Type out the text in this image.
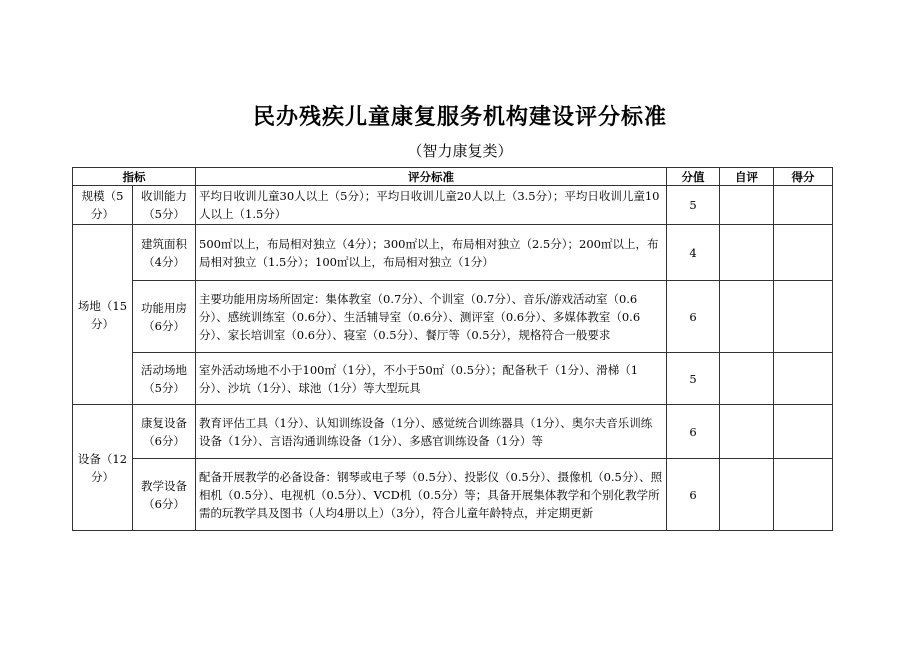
民办残疾儿童康复服务机构建设评分标准
（智力康复类）
指标		评分标准	分值	自评	得分
规模（5分）	收训能力（5分）	平均日收训儿童30人以上（5分）；平均日收训儿童20人以上（3.5分）；平均日收训儿童10人以上（1.5分）	5		
场地（15分）	建筑面积（4分）	500㎡以上，布局相对独立（4分）；300㎡以上，布局相对独立（2.5分）；200㎡以上，布局相对独立（1.5分）；100㎡以上，布局相对独立（1分）	4		
	功能用房（6分）	主要功能用房场所固定：集体教室（0.7分）、个训室（0.7分）、音乐/游戏活动室（0.6分）、感统训练室（0.6分）、生活辅导室（0.6分）、测评室（0.6分）、多媒体教室（0.6分）、家长培训室（0.6分）、寝室（0.5分）、餐厅等（0.5分），规格符合一般要求	6		
	活动场地（5分）	室外活动场地不小于100㎡（1分），不小于50㎡（0.5分）；配备秋千（1分）、滑梯（1分）、沙坑（1分）、球池（1分）等大型玩具	5		
设备（12分）	康复设备（6分）	教育评估工具（1分）、认知训练设备（1分）、感觉统合训练器具（1分）、奥尔夫音乐训练设备（1分）、言语沟通训练设备（1分）、多感官训练设备（1分）等	6		
	教学设备（6分）	配备开展教学的必备设备：钢琴或电子琴（0.5分）、投影仪（0.5分）、摄像机（0.5分）、照相机（0.5分）、电视机（0.5分）、VCD机（0.5分）等；具备开展集体教学和个别化教学所需的玩教学具及图书（人均4册以上）（3分），符合儿童年龄特点，并定期更新	6		
